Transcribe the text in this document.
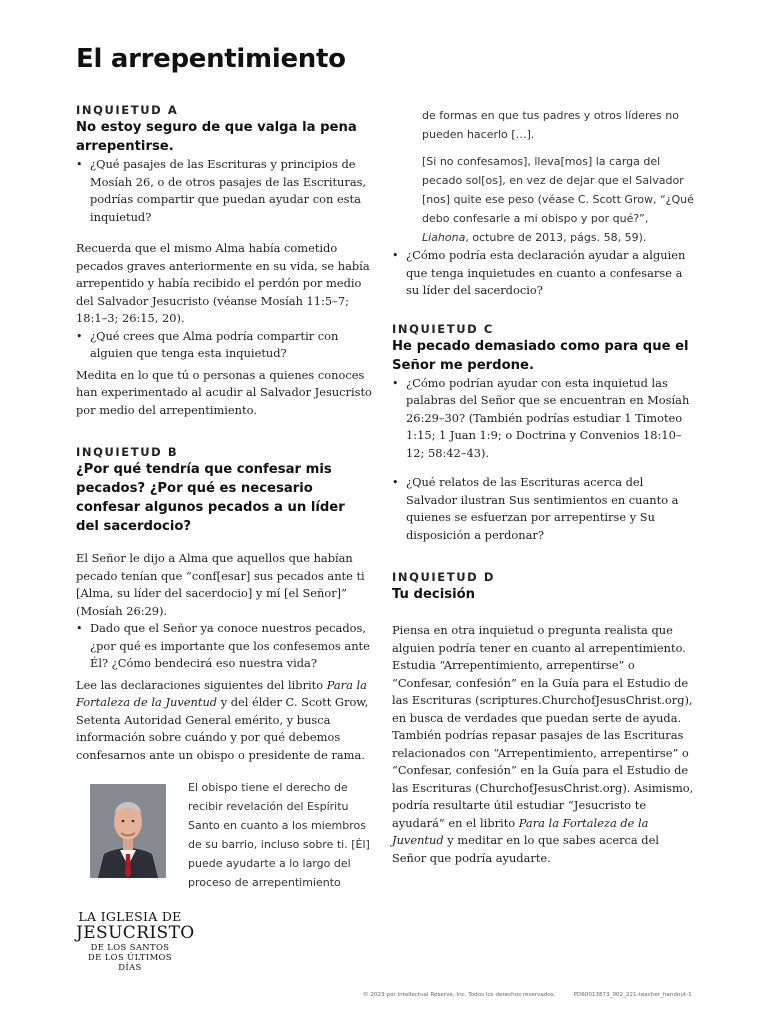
El arrepentimiento

INQUIETUD A

No estoy seguro de que valga la pena arrepentirse.

• ¿Qué pasajes de las Escrituras y principios de Mosíah 26, o de otros pasajes de las Escrituras, podrías compartir que puedan ayudar con esta inquietud?

Recuerda que el mismo Alma había cometido pecados graves anteriormente en su vida, se había arrepentido y había recibido el perdón por medio del Salvador Jesucristo (véanse Mosíah 11:5–7; 18:1–3; 26:15, 20).

• ¿Qué crees que Alma podría compartir con alguien que tenga esta inquietud?

Medita en lo que tú o personas a quienes conoces han experimentado al acudir al Salvador Jesucristo por medio del arrepentimiento.

INQUIETUD B

¿Por qué tendría que confesar mis pecados? ¿Por qué es necesario confesar algunos pecados a un líder del sacerdocio?

El Señor le dijo a Alma que aquellos que habían pecado tenían que “conf[esar] sus pecados ante ti [Alma, su líder del sacerdocio] y mí [el Señor]” (Mosíah 26:29).

• Dado que el Señor ya conoce nuestros pecados, ¿por qué es importante que los confesemos ante Él? ¿Cómo bendecirá eso nuestra vida?

Lee las declaraciones siguientes del librito Para la Fortaleza de la Juventud y del élder C. Scott Grow, Setenta Autoridad General emérito, y busca información sobre cuándo y por qué debemos confesarnos ante un obispo o presidente de rama.

El obispo tiene el derecho de recibir revelación del Espíritu Santo en cuanto a los miembros de su barrio, incluso sobre ti. [Él] puede ayudarte a lo largo del proceso de arrepentimiento

de formas en que tus padres y otros líderes no pueden hacerlo […].

[Si no confesamos], lleva[mos] la carga del pecado sol[os], en vez de dejar que el Salvador [nos] quite ese peso (véase C. Scott Grow, “¿Qué debo confesarle a mi obispo y por qué?”, Liahona, octubre de 2013, págs. 58, 59).

• ¿Cómo podría esta declaración ayudar a alguien que tenga inquietudes en cuanto a confesarse a su líder del sacerdocio?

INQUIETUD C

He pecado demasiado como para que el Señor me perdone.

• ¿Cómo podrían ayudar con esta inquietud las palabras del Señor que se encuentran en Mosíah 26:29–30? (También podrías estudiar 1 Timoteo 1:15; 1 Juan 1:9; o Doctrina y Convenios 18:10–12; 58:42–43).
• ¿Qué relatos de las Escrituras acerca del Salvador ilustran Sus sentimientos en cuanto a quienes se esfuerzan por arrepentirse y Su disposición a perdonar?

INQUIETUD D

Tu decisión

Piensa en otra inquietud o pregunta realista que alguien podría tener en cuanto al arrepentimiento. Estudia “Arrepentimiento, arrepentirse” o “Confesar, confesión” en la Guía para el Estudio de las Escrituras (scriptures.ChurchofJesusChrist.org), en busca de verdades que puedan serte de ayuda. También podrías repasar pasajes de las Escrituras relacionados con “Arrepentimiento, arrepentirse” o “Confesar, confesión” en la Guía para el Estudio de las Escrituras (ChurchofJesusChrist.org). Asimismo, podría resultarte útil estudiar “Jesucristo te ayudará” en el librito Para la Fortaleza de la Juventud y meditar en lo que sabes acerca del Señor que podría ayudarte.

LA IGLESIA DE
JESUCRISTO
DE LOS SANTOS
DE LOS ÚLTIMOS DÍAS
© 2023 por Intellectual Reserve, Inc. Todos los derechos reservados.	PD60013873_002_221-teacher_handout-1
